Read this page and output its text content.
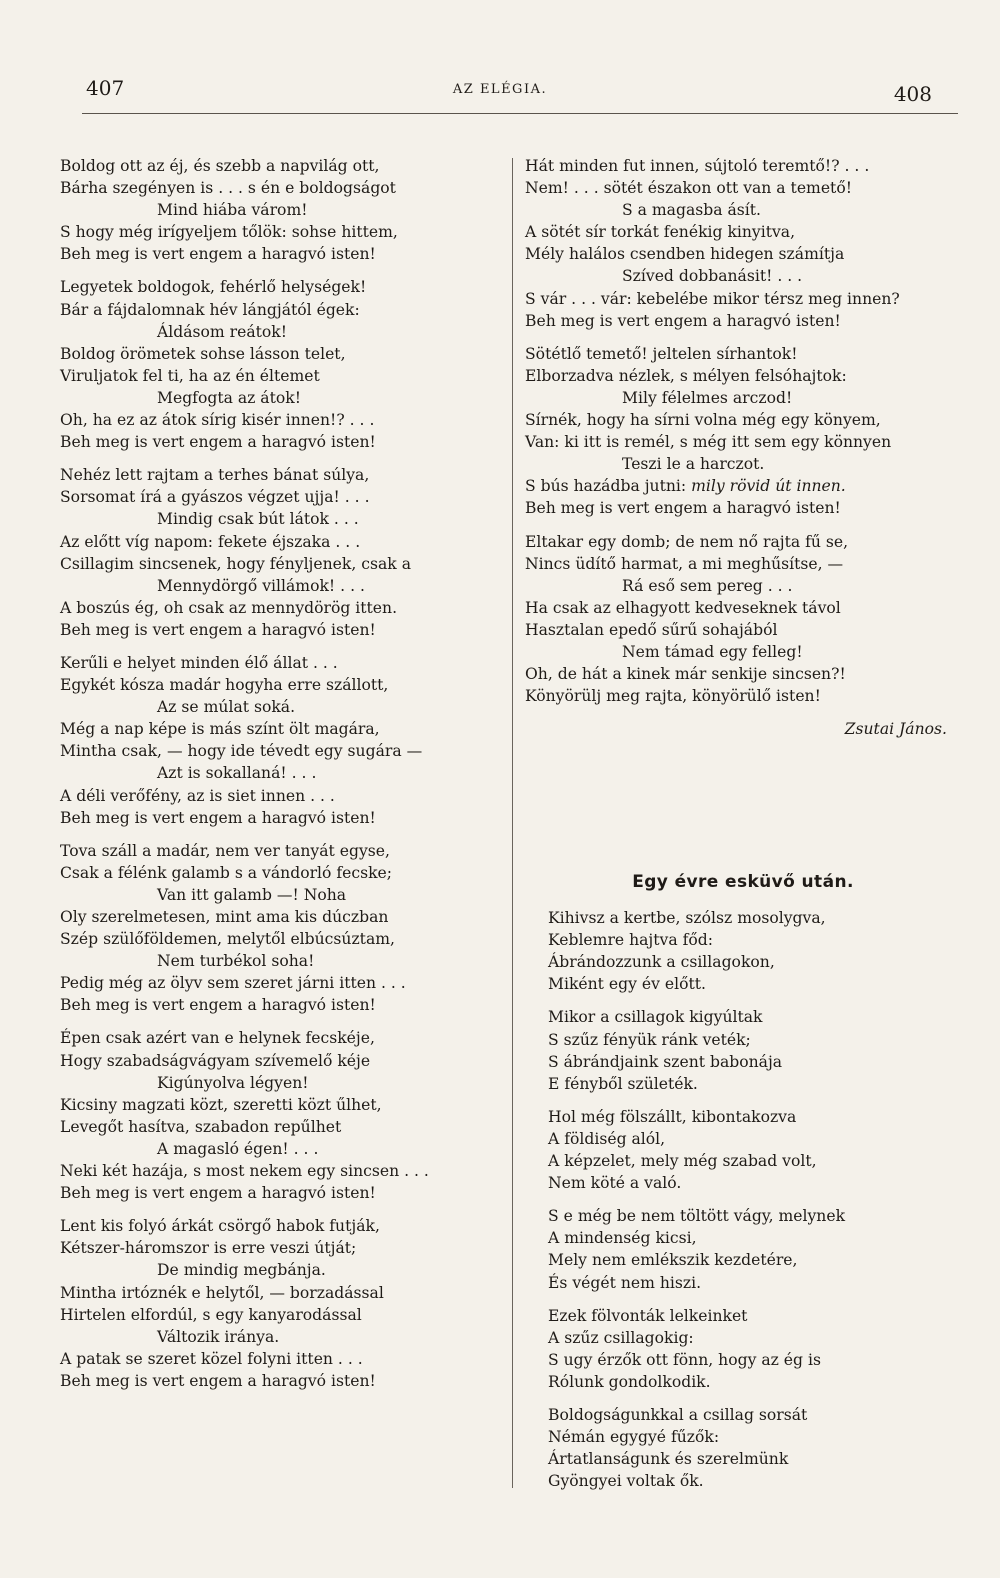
407	AZ ELÉGIA.	408
Boldog ott az éj, és szebb a napvilág ott,
Bárha szegényen is . . . s én e boldogságot
Mind hiába várom!
S hogy még irígyeljem tőlök: sohse hittem,
Beh meg is vert engem a haragvó isten!
Legyetek boldogok, fehérlő helységek!
Bár a fájdalomnak hév lángjától égek:
Áldásom reátok!
Boldog örömetek sohse lásson telet,
Viruljatok fel ti, ha az én éltemet
Megfogta az átok!
Oh, ha ez az átok sírig kisér innen!? . . .
Beh meg is vert engem a haragvó isten!
Nehéz lett rajtam a terhes bánat súlya,
Sorsomat írá a gyászos végzet ujja! . . .
Mindig csak bút látok . . .
Az előtt víg napom: fekete éjszaka . . .
Csillagim sincsenek, hogy fényljenek, csak a
Mennydörgő villámok! . . .
A boszús ég, oh csak az mennydörög itten.
Beh meg is vert engem a haragvó isten!
Kerűli e helyet minden élő állat . . .
Egykét kósza madár hogyha erre szállott,
Az se múlat soká.
Még a nap képe is más színt ölt magára,
Mintha csak, — hogy ide tévedt egy sugára —
Azt is sokallaná! . . .
A déli verőfény, az is siet innen . . .
Beh meg is vert engem a haragvó isten!
Tova száll a madár, nem ver tanyát egyse,
Csak a félénk galamb s a vándorló fecske;
Van itt galamb —! Noha
Oly szerelmetesen, mint ama kis dúczban
Szép szülőföldemen, melytől elbúcsúztam,
Nem turbékol soha!
Pedig még az ölyv sem szeret járni itten . . .
Beh meg is vert engem a haragvó isten!
Épen csak azért van e helynek fecskéje,
Hogy szabadságvágyam szívemelő kéje
Kigúnyolva légyen!
Kicsiny magzati közt, szeretti közt űlhet,
Levegőt hasítva, szabadon repűlhet
A magasló égen! . . .
Neki két hazája, s most nekem egy sincsen . . .
Beh meg is vert engem a haragvó isten!
Lent kis folyó árkát csörgő habok futják,
Kétszer-háromszor is erre veszi útját;
De mindig megbánja.
Mintha irtóznék e helytől, — borzadással
Hirtelen elfordúl, s egy kanyarodással
Változik iránya.
A patak se szeret közel folyni itten . . .
Beh meg is vert engem a haragvó isten!
Hát minden fut innen, sújtoló teremtő!? . . .
Nem! . . . sötét északon ott van a temető!
S a magasba ásít.
A sötét sír torkát fenékig kinyitva,
Mély halálos csendben hidegen számítja
Szíved dobbanásit! . . .
S vár . . . vár: kebelébe mikor térsz meg innen?
Beh meg is vert engem a haragvó isten!
Sötétlő temető! jeltelen sírhantok!
Elborzadva nézlek, s mélyen felsóhajtok:
Mily félelmes arczod!
Sírnék, hogy ha sírni volna még egy könyem,
Van: ki itt is remél, s még itt sem egy könnyen
Teszi le a harczot.
S bús hazádba jutni: mily rövid út innen.
Beh meg is vert engem a haragvó isten!
Eltakar egy domb; de nem nő rajta fű se,
Nincs üdítő harmat, a mi meghűsítse, —
Rá eső sem pereg . . .
Ha csak az elhagyott kedveseknek távol
Hasztalan epedő sűrű sohajából
Nem támad egy felleg!
Oh, de hát a kinek már senkije sincsen?!
Könyörülj meg rajta, könyörülő isten!
Zsutai János.
Egy évre esküvő után.
Kihivsz a kertbe, szólsz mosolygva,
Keblemre hajtva főd:
Ábrándozzunk a csillagokon,
Miként egy év előtt.
Mikor a csillagok kigyúltak
S szűz fényük ránk veték;
S ábrándjaink szent babonája
E fényből születék.
Hol még fölszállt, kibontakozva
A földiség alól,
A képzelet, mely még szabad volt,
Nem köté a való.
S e még be nem töltött vágy, melynek
A mindenség kicsi,
Mely nem emlékszik kezdetére,
És végét nem hiszi.
Ezek fölvonták lelkeinket
A szűz csillagokig:
S ugy érzők ott fönn, hogy az ég is
Rólunk gondolkodik.
Boldogságunkkal a csillag sorsát
Némán egygyé fűzők:
Ártatlanságunk és szerelmünk
Gyöngyei voltak ők.
